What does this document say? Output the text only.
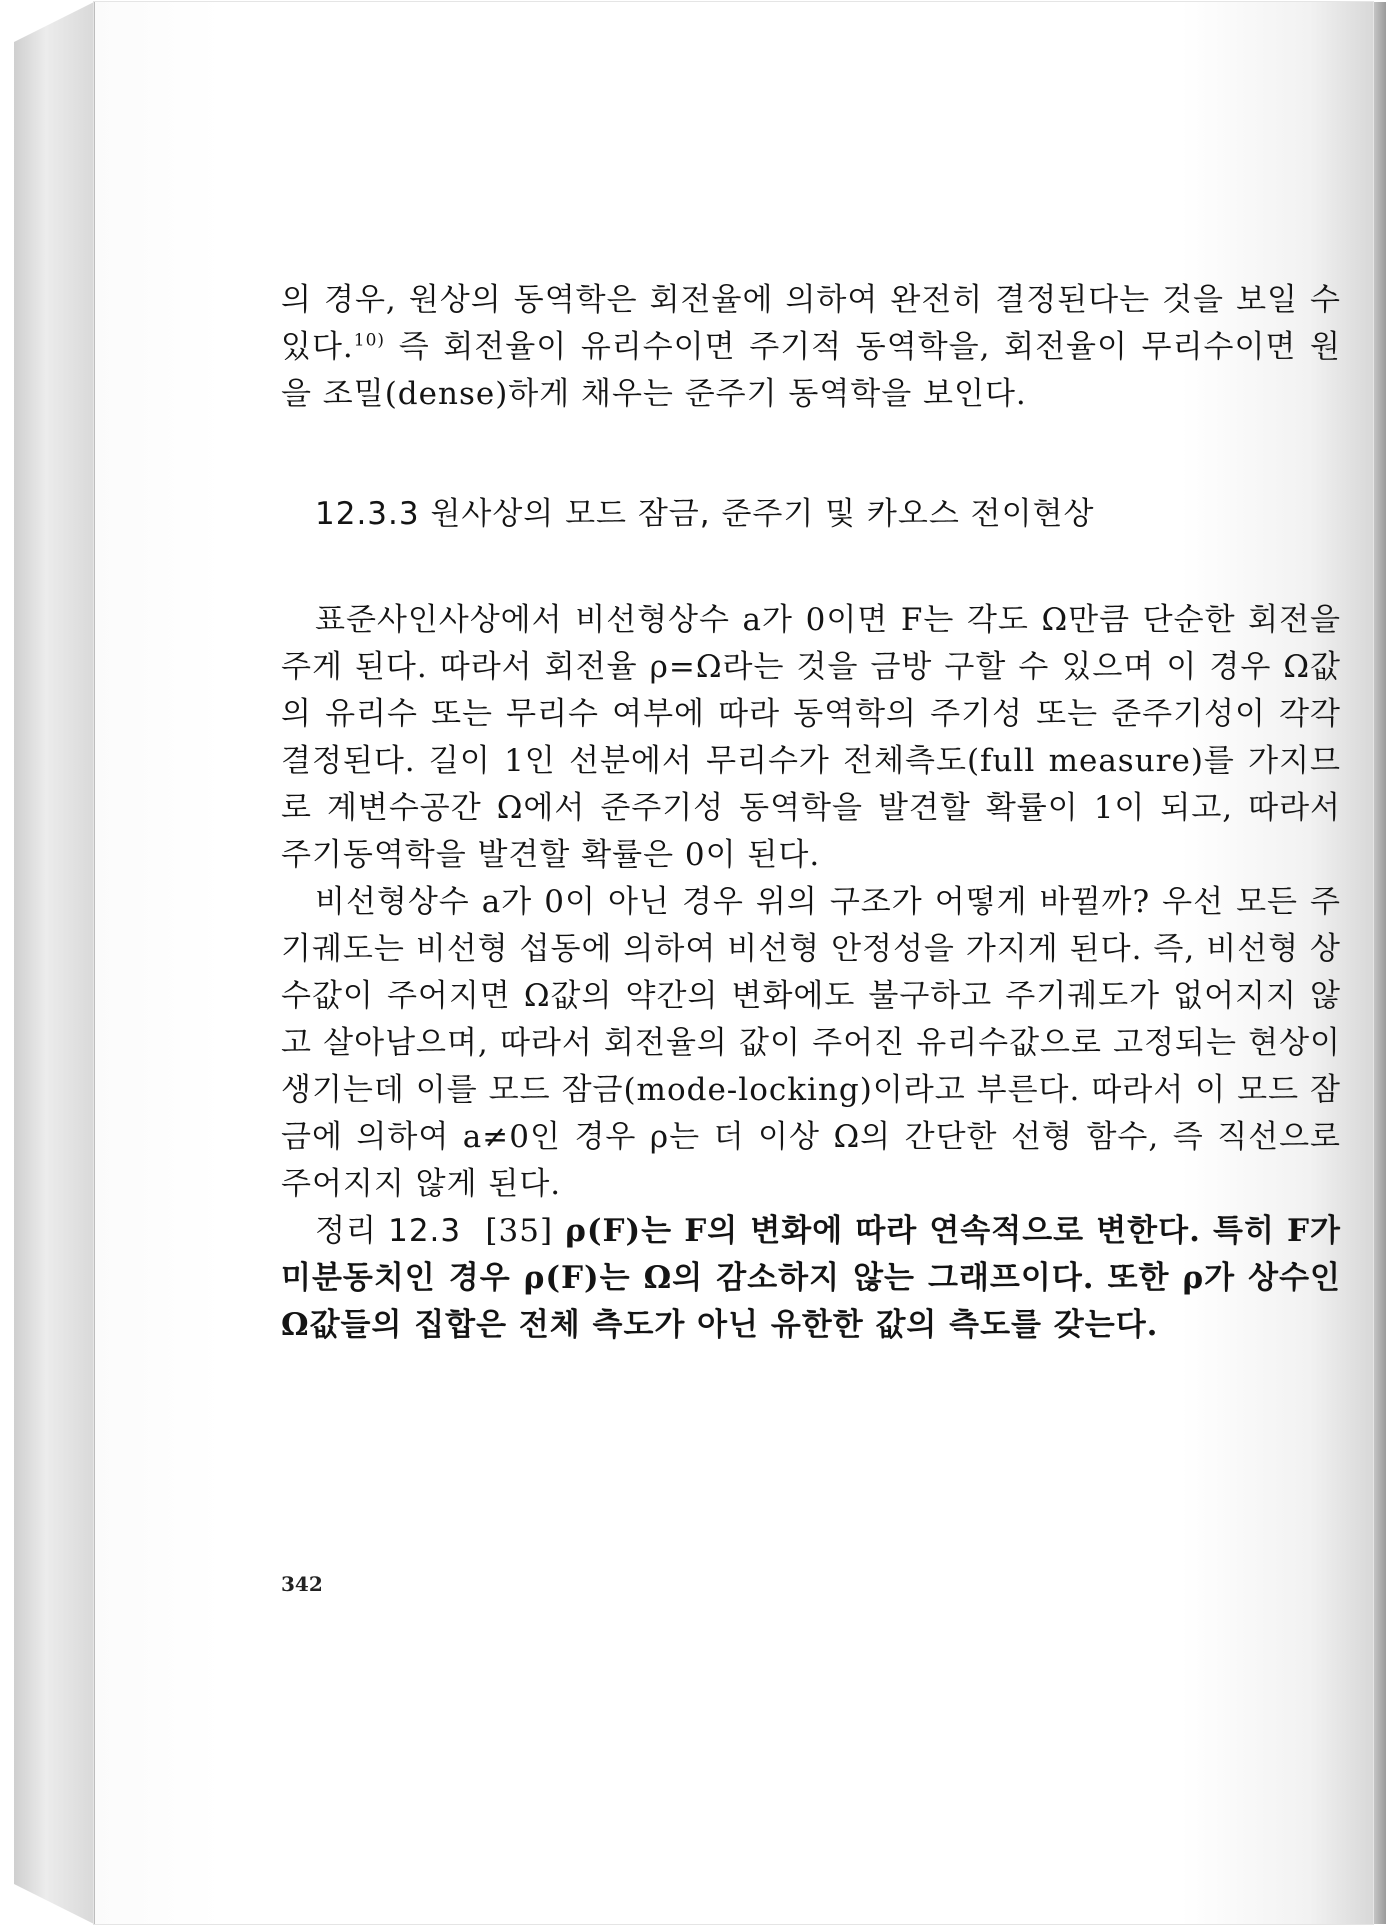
의 경우, 원상의 동역학은 회전율에 의하여 완전히 결정된다는 것을 보일 수 있다.$^{10)}$ 즉 회전율이 유리수이면 주기적 동역학을, 회전율이 무리수이면 원을 조밀(dense)하게 채우는 준주기 동역학을 보인다.

12.3.3 원사상의 모드 잠금, 준주기 및 카오스 전이현상

표준사인사상에서 비선형상수 a가 0이면 F는 각도 Ω만큼 단순한 회전을 주게 된다. 따라서 회전율 ρ=Ω라는 것을 금방 구할 수 있으며 이 경우 Ω값의 유리수 또는 무리수 여부에 따라 동역학의 주기성 또는 준주기성이 각각 결정된다. 길이 1인 선분에서 무리수가 전체측도(full measure)를 가지므로 계변수공간 Ω에서 준주기성 동역학을 발견할 확률이 1이 되고, 따라서 주기동역학을 발견할 확률은 0이 된다.

비선형상수 a가 0이 아닌 경우 위의 구조가 어떻게 바뀔까? 우선 모든 주기궤도는 비선형 섭동에 의하여 비선형 안정성을 가지게 된다. 즉, 비선형 상수값이 주어지면 Ω값의 약간의 변화에도 불구하고 주기궤도가 없어지지 않고 살아남으며, 따라서 회전율의 값이 주어진 유리수값으로 고정되는 현상이 생기는데 이를 모드 잠금(mode-locking)이라고 부른다. 따라서 이 모드 잠금에 의하여 a≠0인 경우 ρ는 더 이상 Ω의 간단한 선형 함수, 즉 직선으로 주어지지 않게 된다.

정리 12.3 [35] ρ(F)는 F의 변화에 따라 연속적으로 변한다. 특히 F가 미분동치인 경우 ρ(F)는 Ω의 감소하지 않는 그래프이다. 또한 ρ가 상수인 Ω값들의 집합은 전체 측도가 아닌 유한한 값의 측도를 갖는다.

342
